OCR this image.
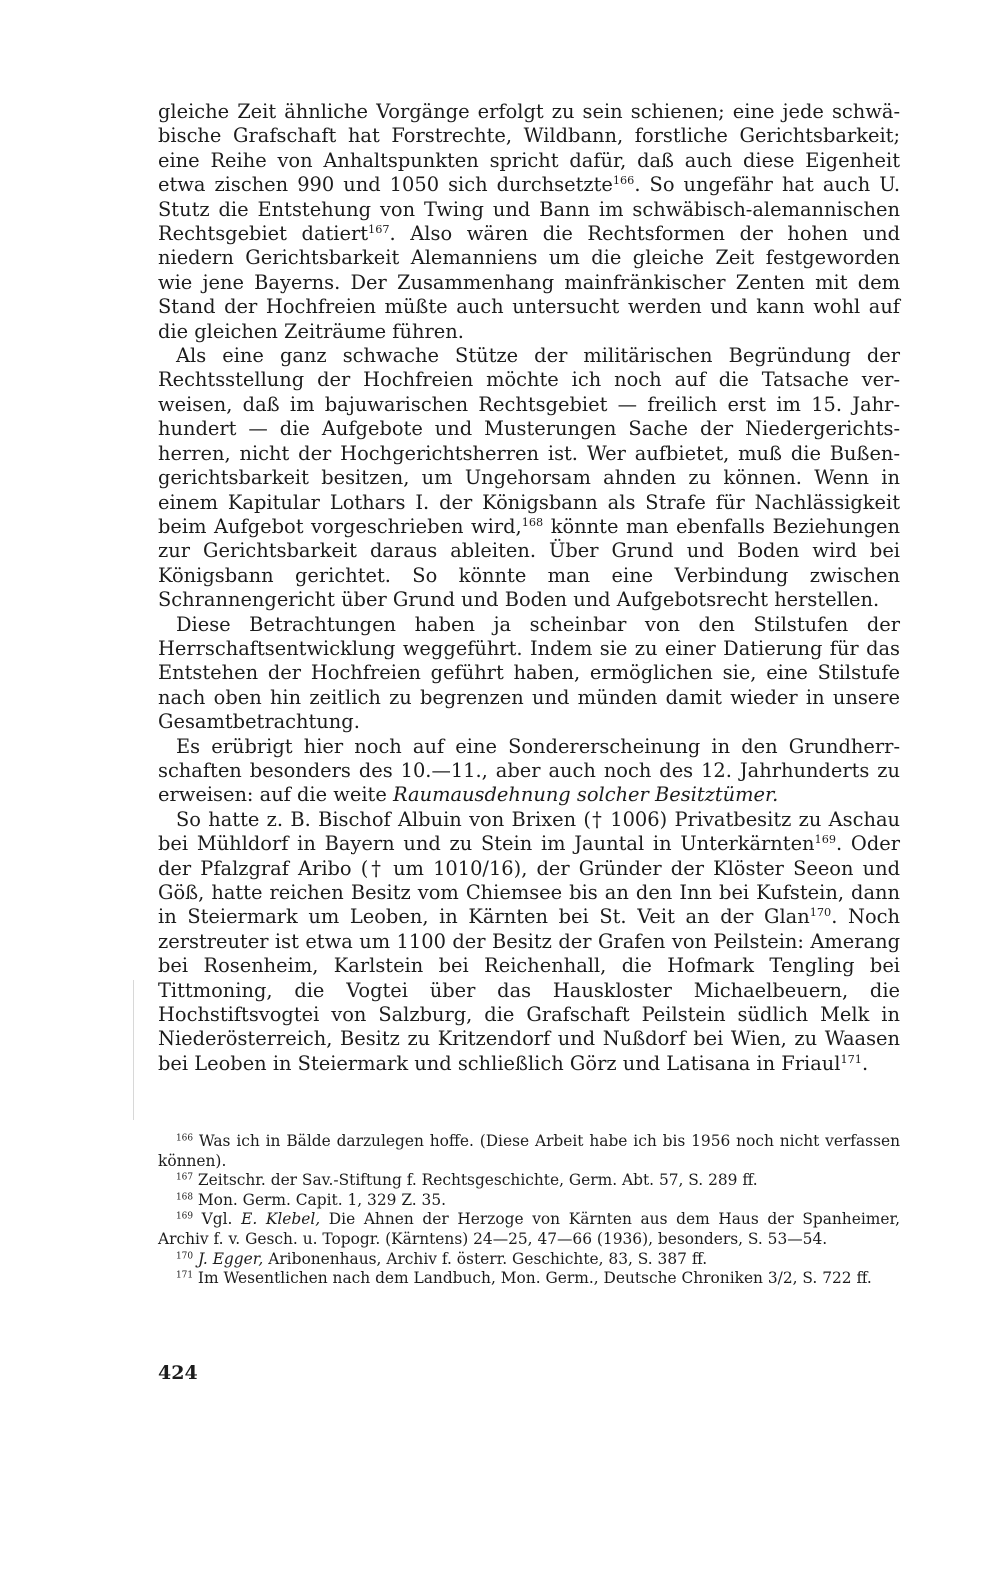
gleiche Zeit ähnliche Vorgänge erfolgt zu sein schienen; eine jede schwäbische Grafschaft hat Forstrechte, Wildbann, forstliche Gerichtsbarkeit; eine Reihe von Anhaltspunkten spricht dafür, daß auch diese Eigenheit etwa zischen 990 und 1050 sich durchsetzte$^{166}$. So ungefähr hat auch U. Stutz die Entstehung von Twing und Bann im schwäbisch-alemannischen Rechtsgebiet datiert$^{167}$. Also wären die Rechtsformen der hohen und niedern Gerichtsbarkeit Alemanniens um die gleiche Zeit festgeworden wie jene Bayerns. Der Zusammenhang mainfränkischer Zenten mit dem Stand der Hochfreien müßte auch untersucht werden und kann wohl auf die gleichen Zeiträume führen.

Als eine ganz schwache Stütze der militärischen Begründung der Rechtsstellung der Hochfreien möchte ich noch auf die Tatsache verweisen, daß im bajuwarischen Rechtsgebiet — freilich erst im 15. Jahrhundert — die Aufgebote und Musterungen Sache der Niedergerichtsherren, nicht der Hochgerichtsherren ist. Wer aufbietet, muß die Bußengerichtsbarkeit besitzen, um Ungehorsam ahnden zu können. Wenn in einem Kapitular Lothars I. der Königsbann als Strafe für Nachlässigkeit beim Aufgebot vorgeschrieben wird,$^{168}$ könnte man ebenfalls Beziehungen zur Gerichtsbarkeit daraus ableiten. Über Grund und Boden wird bei Königsbann gerichtet. So könnte man eine Verbindung zwischen Schrannengericht über Grund und Boden und Aufgebotsrecht herstellen.

Diese Betrachtungen haben ja scheinbar von den Stilstufen der Herrschaftsentwicklung weggeführt. Indem sie zu einer Datierung für das Entstehen der Hochfreien geführt haben, ermöglichen sie, eine Stilstufe nach oben hin zeitlich zu begrenzen und münden damit wieder in unsere Gesamtbetrachtung.

Es erübrigt hier noch auf eine Sondererscheinung in den Grundherrschaften besonders des 10.—11., aber auch noch des 12. Jahrhunderts zu erweisen: auf die weite Raumausdehnung solcher Besitztümer.

So hatte z. B. Bischof Albuin von Brixen († 1006) Privatbesitz zu Aschau bei Mühldorf in Bayern und zu Stein im Jauntal in Unterkärnten$^{169}$. Oder der Pfalzgraf Aribo († um 1010/16), der Gründer der Klöster Seeon und Göß, hatte reichen Besitz vom Chiemsee bis an den Inn bei Kufstein, dann in Steiermark um Leoben, in Kärnten bei St. Veit an der Glan$^{170}$. Noch zerstreuter ist etwa um 1100 der Besitz der Grafen von Peilstein: Amerang bei Rosenheim, Karlstein bei Reichenhall, die Hofmark Tengling bei Tittmoning, die Vogtei über das Hauskloster Michaelbeuern, die Hochstiftsvogtei von Salzburg, die Grafschaft Peilstein südlich Melk in Niederösterreich, Besitz zu Kritzendorf und Nußdorf bei Wien, zu Waasen bei Leoben in Steiermark und schließlich Görz und Latisana in Friaul$^{171}$.

$^{166}$ Was ich in Bälde darzulegen hoffe. (Diese Arbeit habe ich bis 1956 noch nicht verfassen können).

$^{167}$ Zeitschr. der Sav.-Stiftung f. Rechtsgeschichte, Germ. Abt. 57, S. 289 ff.

$^{168}$ Mon. Germ. Capit. 1, 329 Z. 35.

$^{169}$ Vgl. E. Klebel, Die Ahnen der Herzoge von Kärnten aus dem Haus der Spanheimer, Archiv f. v. Gesch. u. Topogr. (Kärntens) 24—25, 47—66 (1936), besonders, S. 53—54.

$^{170}$ J. Egger, Aribonenhaus, Archiv f. österr. Geschichte, 83, S. 387 ff.

$^{171}$ Im Wesentlichen nach dem Landbuch, Mon. Germ., Deutsche Chroniken 3/2, S. 722 ff.

424
